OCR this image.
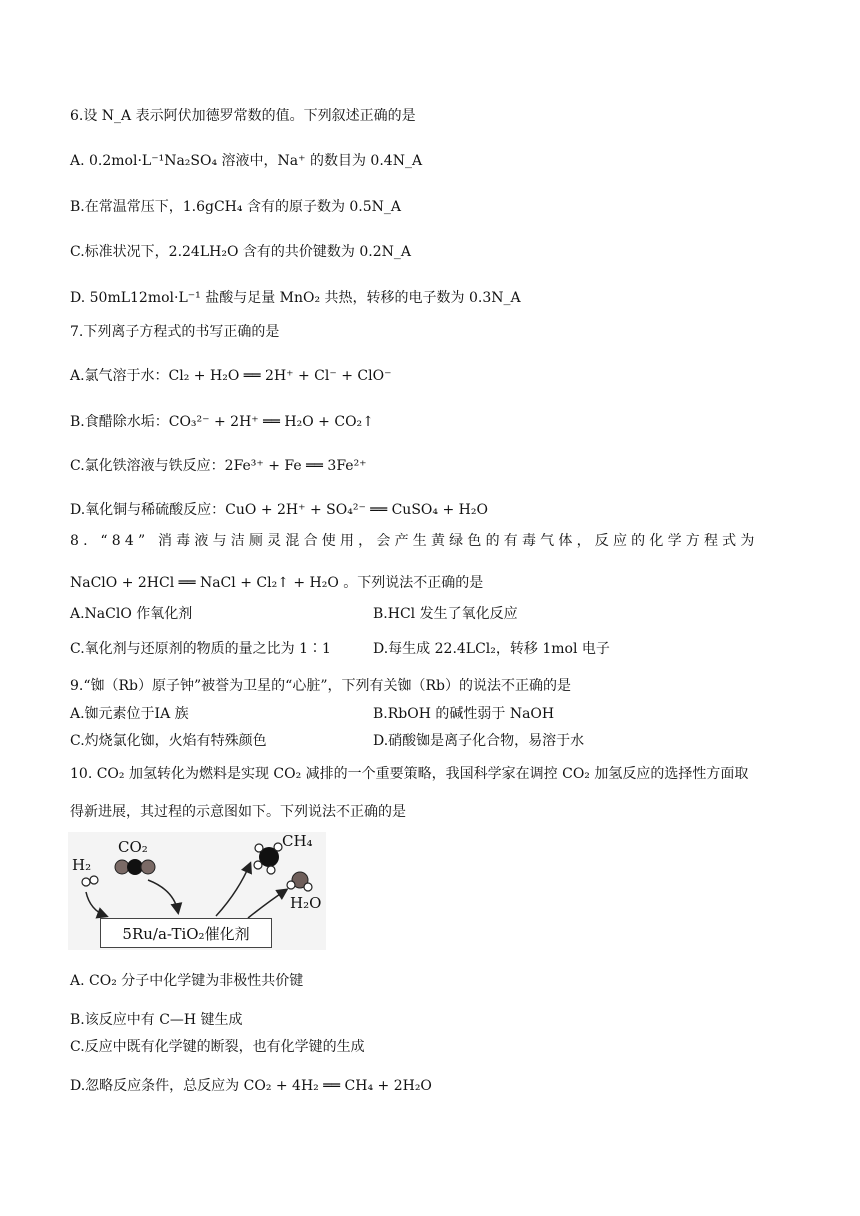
6.设 N_A 表示阿伏加德罗常数的值。下列叙述正确的是
A. 0.2mol·L⁻¹Na₂SO₄ 溶液中，Na⁺ 的数目为 0.4N_A
B.在常温常压下，1.6gCH₄ 含有的原子数为 0.5N_A
C.标准状况下，2.24LH₂O 含有的共价键数为 0.2N_A
D. 50mL12mol·L⁻¹ 盐酸与足量 MnO₂ 共热，转移的电子数为 0.3N_A
7.下列离子方程式的书写正确的是
A.氯气溶于水：Cl₂ + H₂O ══ 2H⁺ + Cl⁻ + ClO⁻
B.食醋除水垢：CO₃²⁻ + 2H⁺ ══ H₂O + CO₂↑
C.氯化铁溶液与铁反应：2Fe³⁺ + Fe ══ 3Fe²⁺
D.氧化铜与稀硫酸反应：CuO + 2H⁺ + SO₄²⁻ ══ CuSO₄ + H₂O
8. “84” 消毒液与洁厕灵混合使用，会产生黄绿色的有毒气体，反应的化学方程式为
NaClO + 2HCl ══ NaCl + Cl₂↑ + H₂O 。下列说法不正确的是
A.NaClO 作氧化剂	B.HCl 发生了氧化反应
C.氧化剂与还原剂的物质的量之比为 1∶1	D.每生成 22.4LCl₂，转移 1mol 电子
9.“铷（Rb）原子钟”被誉为卫星的“心脏”，下列有关铷（Rb）的说法不正确的是
A.铷元素位于ⅠA 族	B.RbOH 的碱性弱于 NaOH
C.灼烧氯化铷，火焰有特殊颜色	D.硝酸铷是离子化合物，易溶于水
10. CO₂ 加氢转化为燃料是实现 CO₂ 减排的一个重要策略，我国科学家在调控 CO₂ 加氢反应的选择性方面取
得新进展，其过程的示意图如下。下列说法不正确的是
H₂
CO₂	CH₄
H₂O
5Ru/a-TiO₂催化剂
A. CO₂ 分子中化学键为非极性共价键
B.该反应中有 C—H 键生成
C.反应中既有化学键的断裂，也有化学键的生成
D.忽略反应条件，总反应为 CO₂ + 4H₂ ══ CH₄ + 2H₂O
